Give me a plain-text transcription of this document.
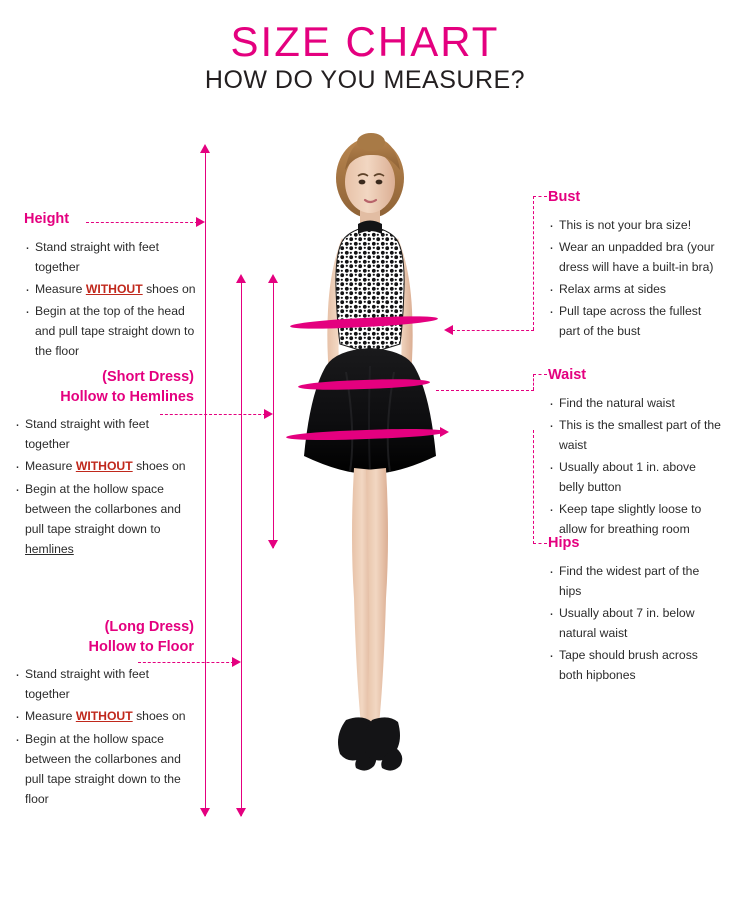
SIZE CHART
HOW DO YOU MEASURE?
Height
· Stand straight with feet together
· Measure WITHOUT shoes on
· Begin at the top of the head and pull tape straight down to the floor
(Short Dress)
Hollow to Hemlines
· Stand straight with feet together
· Measure WITHOUT shoes on
· Begin at the hollow space between the collarbones and pull tape straight down to hemlines
(Long Dress)
Hollow to Floor
· Stand straight with feet together
· Measure WITHOUT shoes on
· Begin at the hollow space between the collarbones and pull tape straight down to the floor
Bust
· This is not your bra size!
· Wear an unpadded bra (your dress will have a built-in bra)
· Relax arms at sides
· Pull tape across the fullest part of the bust
Waist
· Find the natural waist
· This is the smallest part of the waist
· Usually about 1 in. above belly button
· Keep tape slightly loose to allow for breathing room
Hips
· Find the widest part of the hips
· Usually about 7 in. below natural waist
· Tape should brush across both hipbones
